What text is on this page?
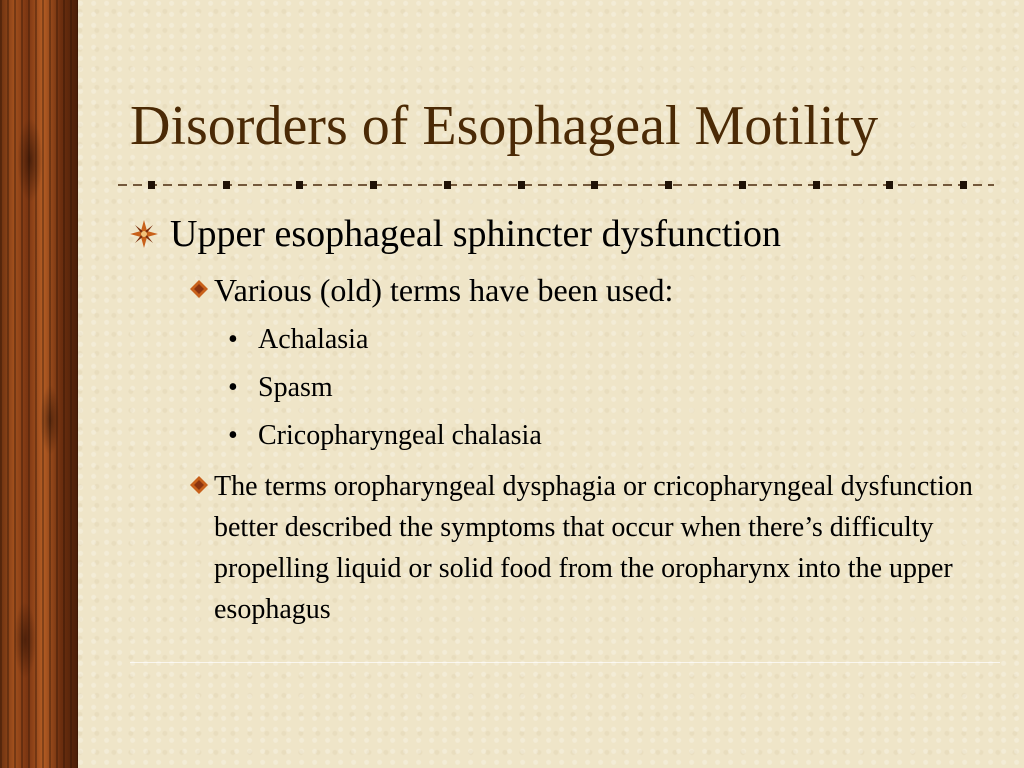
Disorders of Esophageal Motility
Upper esophageal sphincter dysfunction
Various (old) terms have been used:
• Achalasia
• Spasm
• Cricopharyngeal chalasia
The terms oropharyngeal dysphagia or cricopharyngeal dysfunction better described the symptoms that occur when there’s difficulty propelling liquid or solid food from the oropharynx into the upper esophagus
